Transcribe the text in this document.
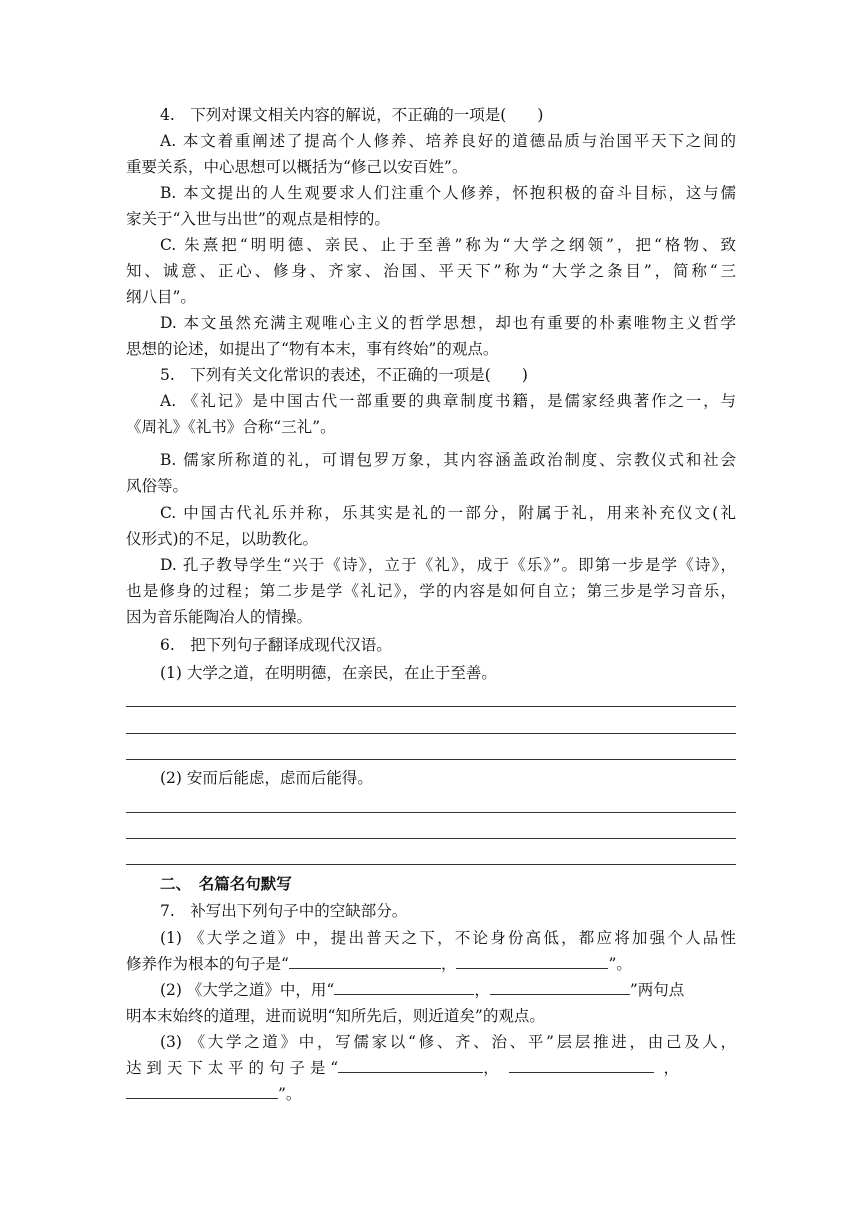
4.　下列对课文相关内容的解说，不正确的一项是(　　)
A. 本文着重阐述了提高个人修养、培养良好的道德品质与治国平天下之间的
重要关系，中心思想可以概括为“修己以安百姓”。
B. 本文提出的人生观要求人们注重个人修养，怀抱积极的奋斗目标，这与儒
家关于“入世与出世”的观点是相悖的。
C. 朱熹把“明明德、亲民、止于至善”称为“大学之纲领”，把“格物、致
知、诚意、正心、修身、齐家、治国、平天下”称为“大学之条目”，简称“三
纲八目”。
D. 本文虽然充满主观唯心主义的哲学思想，却也有重要的朴素唯物主义哲学
思想的论述，如提出了“物有本末，事有终始”的观点。
5.　下列有关文化常识的表述，不正确的一项是(　　)
A. 《礼记》是中国古代一部重要的典章制度书籍，是儒家经典著作之一，与
《周礼》《礼书》合称“三礼”。
B. 儒家所称道的礼，可谓包罗万象，其内容涵盖政治制度、宗教仪式和社会
风俗等。
C. 中国古代礼乐并称，乐其实是礼的一部分，附属于礼，用来补充仪文(礼
仪形式)的不足，以助教化。
D. 孔子教导学生“兴于《诗》，立于《礼》，成于《乐》”。即第一步是学《诗》，
也是修身的过程；第二步是学《礼记》，学的内容是如何自立；第三步是学习音乐，
因为音乐能陶冶人的情操。
6.　把下列句子翻译成现代汉语。
(1) 大学之道，在明明德，在亲民，在止于至善。
(2) 安而后能虑，虑而后能得。
二、　名篇名句默写
7.　补写出下列句子中的空缺部分。
(1) 《大学之道》中，提出普天之下，不论身份高低，都应将加强个人品性
修养作为根本的句子是“	，	”。
(2) 《大学之道》中，用“	，	”两句点
明本末始终的道理，进而说明“知所先后，则近道矣”的观点。
(3) 《大学之道》中，写儒家以“修、齐、治、平”层层推进，由己及人，
达 到 天 下 太 平 的 句 子 是 “	，	，
”。
